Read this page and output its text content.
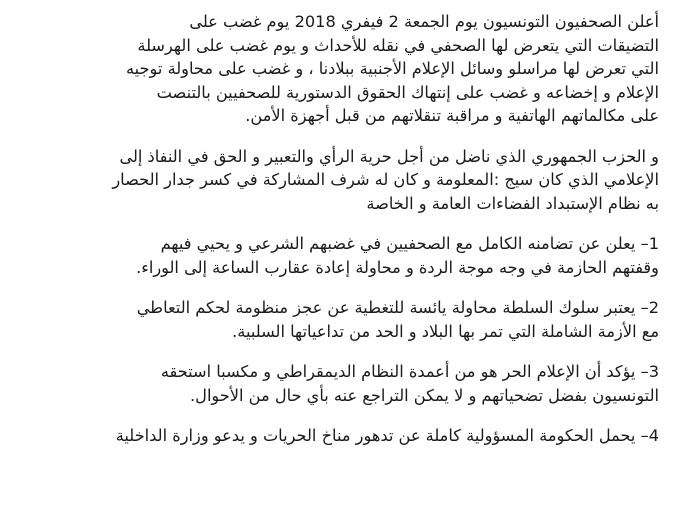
أعلن الصحفيون التونسيون يوم الجمعة 2 فيفري 2018 يوم غضب على
التضيقات التي يتعرض لها الصحفي في نقله للأحداث و يوم غضب على الهرسلة
التي تعرض لها مراسلو وسائل الإعلام الأجنبية ببلادنا ، و غضب على محاولة توجيه
الإعلام و إخضاعه و غضب على إنتهاك الحقوق الدستورية للصحفيين بالتنصت
على مكالماتهم الهاتفية و مراقبة تنقلاتهم من قبل أجهزة الأمن.

و الحزب الجمهوري الذي ناضل من أجل حرية الرأي والتعبير و الحق في النفاذ إلى
الإعلامي الذي كان سيج :المعلومة و كان له شرف المشاركة في كسر جدار الحصار
به نظام الإستبداد الفضاءات العامة و الخاصة

1– يعلن عن تضامنه الكامل مع الصحفيين في غضبهم الشرعي و يحيي فيهم
وقفتهم الحازمة في وجه موجة الردة و محاولة إعادة عقارب الساعة إلى الوراء.

2– يعتبر سلوك السلطة محاولة يائسة للتغطية عن عجز منظومة لحكم التعاطي
مع الأزمة الشاملة التي تمر بها البلاد و الحد من تداعياتها السلبية.

3– يؤكد أن الإعلام الحر هو من أعمدة النظام الديمقراطي و مكسبا استحقه
التونسيون بفضل تضحياتهم و لا يمكن التراجع عنه بأي حال من الأحوال.

4– يحمل الحكومة المسؤولية كاملة عن تدهور مناخ الحريات و يدعو وزارة الداخلية
